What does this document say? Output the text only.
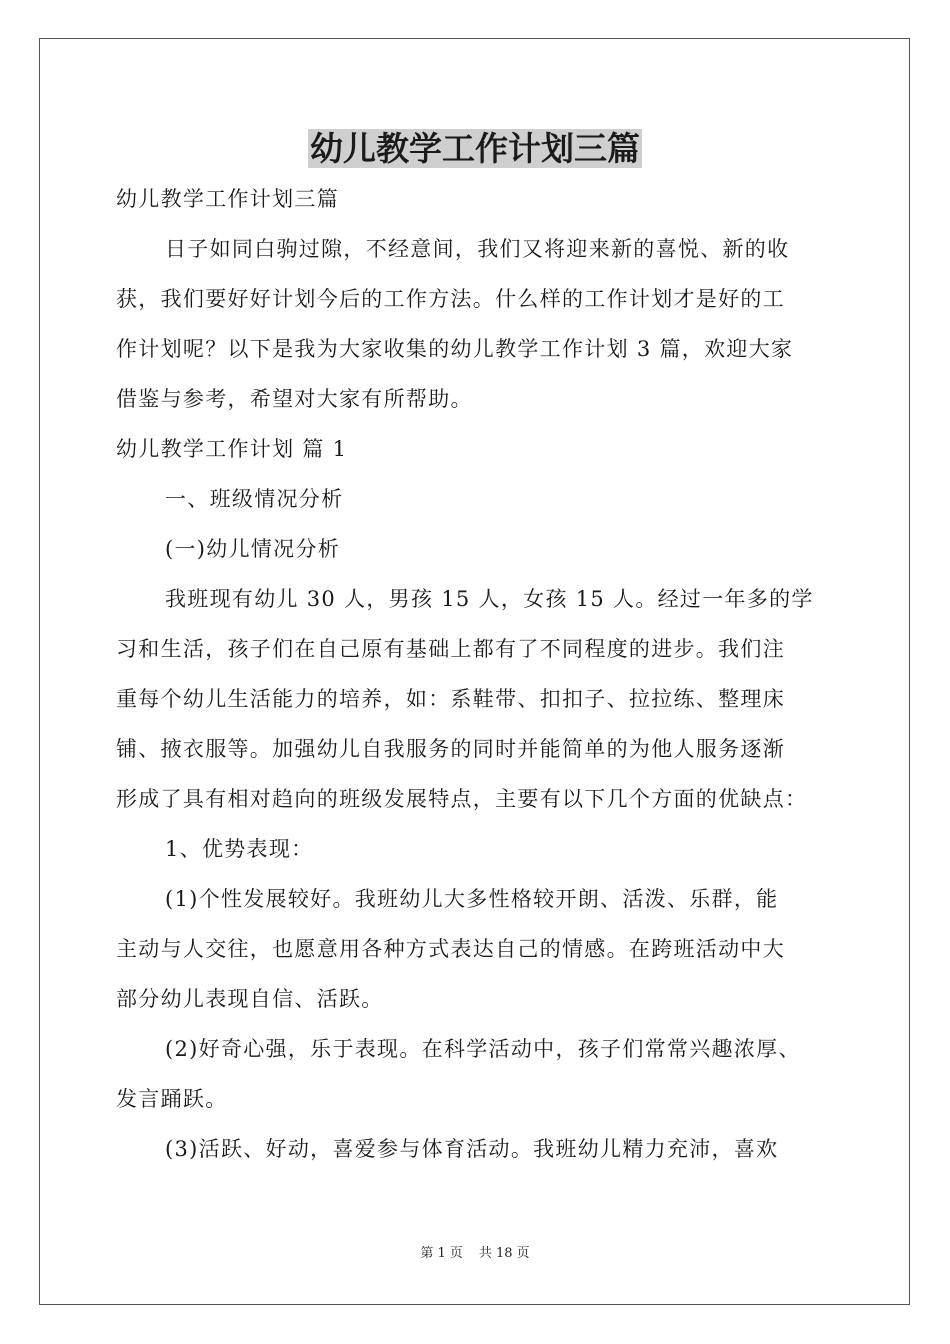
幼儿教学工作计划三篇
幼儿教学工作计划三篇
日子如同白驹过隙，不经意间，我们又将迎来新的喜悦、新的收
获，我们要好好计划今后的工作方法。什么样的工作计划才是好的工
作计划呢？以下是我为大家收集的幼儿教学工作计划 3 篇，欢迎大家
借鉴与参考，希望对大家有所帮助。
幼儿教学工作计划 篇 1
一、班级情况分析
(一)幼儿情况分析
我班现有幼儿 30 人，男孩 15 人，女孩 15 人。经过一年多的学
习和生活，孩子们在自己原有基础上都有了不同程度的进步。我们注
重每个幼儿生活能力的培养，如：系鞋带、扣扣子、拉拉练、整理床
铺、掖衣服等。加强幼儿自我服务的同时并能简单的为他人服务逐渐
形成了具有相对趋向的班级发展特点，主要有以下几个方面的优缺点：
1、优势表现：
(1)个性发展较好。我班幼儿大多性格较开朗、活泼、乐群，能
主动与人交往，也愿意用各种方式表达自己的情感。在跨班活动中大
部分幼儿表现自信、活跃。
(2)好奇心强，乐于表现。在科学活动中，孩子们常常兴趣浓厚、
发言踊跃。
(3)活跃、好动，喜爱参与体育活动。我班幼儿精力充沛，喜欢
第 1 页 共 18 页
